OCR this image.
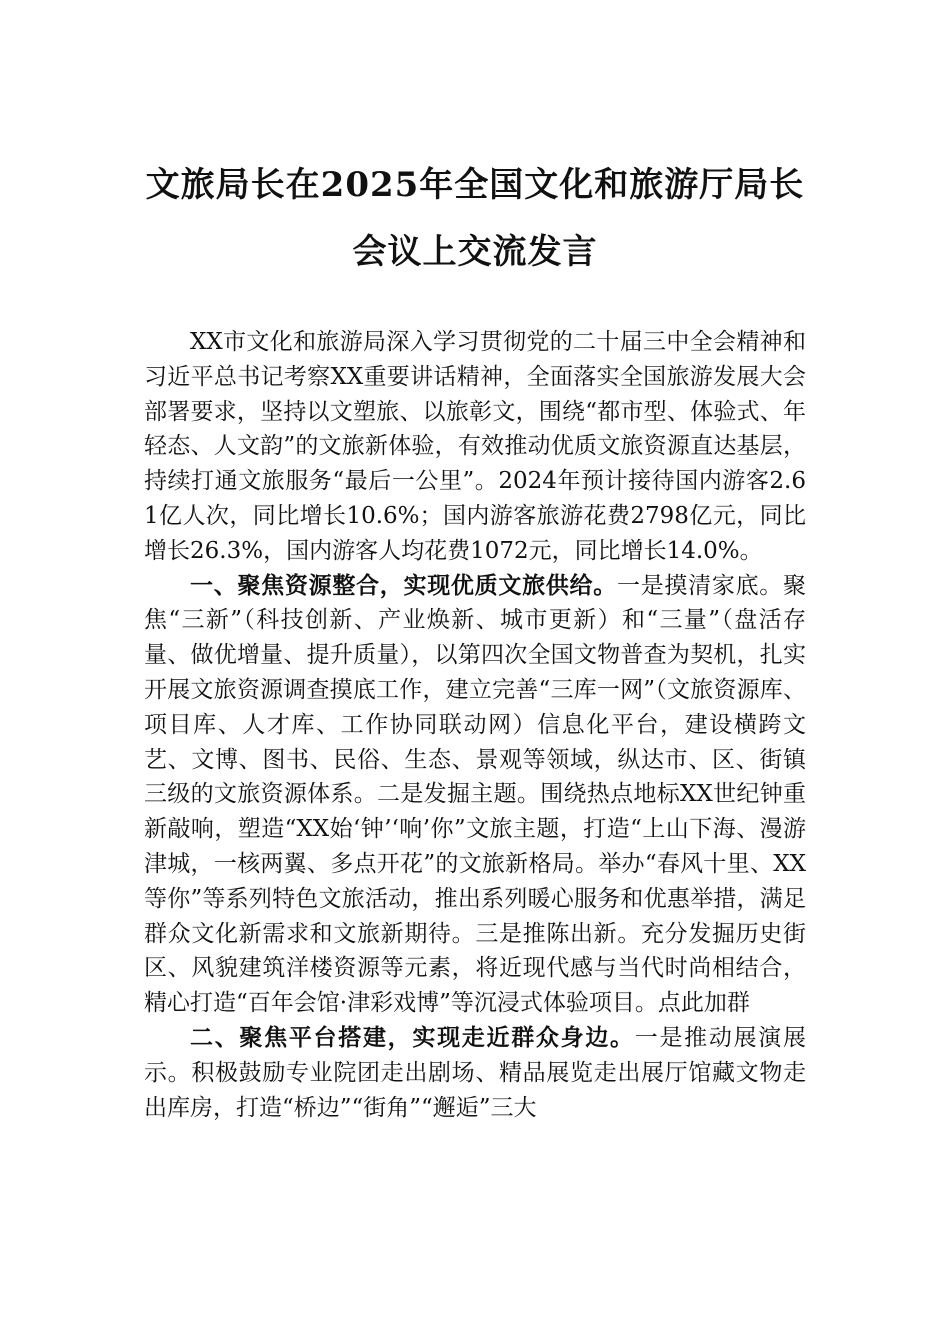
文旅局长在2025年全国文化和旅游厅局长
会议上交流发言

XX市文化和旅游局深入学习贯彻党的二十届三中全会精神和习近平总书记考察XX重要讲话精神，全面落实全国旅游发展大会部署要求，坚持以文塑旅、以旅彰文，围绕“都市型、体验式、年轻态、人文韵”的文旅新体验，有效推动优质文旅资源直达基层，持续打通文旅服务“最后一公里”。2024年预计接待国内游客2.61亿人次，同比增长10.6%；国内游客旅游花费2798亿元，同比增长26.3%，国内游客人均花费1072元，同比增长14.0%。

一、聚焦资源整合，实现优质文旅供给。一是摸清家底。聚焦“三新”（科技创新、产业焕新、城市更新）和“三量”（盘活存量、做优增量、提升质量），以第四次全国文物普查为契机，扎实开展文旅资源调查摸底工作，建立完善“三库一网”（文旅资源库、项目库、人才库、工作协同联动网）信息化平台，建设横跨文艺、文博、图书、民俗、生态、景观等领域，纵达市、区、街镇三级的文旅资源体系。二是发掘主题。围绕热点地标XX世纪钟重新敲响，塑造“XX始‘钟’‘响’你”文旅主题，打造“上山下海、漫游津城，一核两翼、多点开花”的文旅新格局。举办“春风十里、XX等你”等系列特色文旅活动，推出系列暖心服务和优惠举措，满足群众文化新需求和文旅新期待。三是推陈出新。充分发掘历史街区、风貌建筑洋楼资源等元素，将近现代感与当代时尚相结合，精心打造“百年会馆·津彩戏博”等沉浸式体验项目。点此加群

二、聚焦平台搭建，实现走近群众身边。一是推动展演展示。积极鼓励专业院团走出剧场、精品展览走出展厅馆藏文物走出库房，打造“桥边”“街角”“邂逅”三大
